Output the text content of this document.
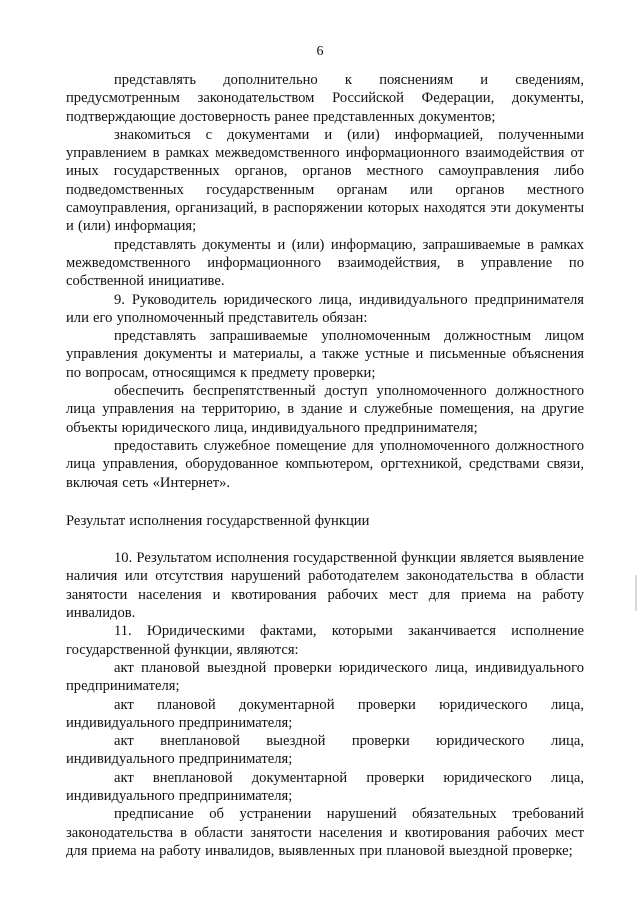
6

представлять дополнительно к пояснениям и сведениям, предусмотренным законодательством Российской Федерации, документы, подтверждающие достоверность ранее представленных документов;

знакомиться с документами и (или) информацией, полученными управлением в рамках межведомственного информационного взаимодействия от иных государственных органов, органов местного самоуправления либо подведомственных государственным органам или органов местного самоуправления, организаций, в распоряжении которых находятся эти документы и (или) информация;

представлять документы и (или) информацию, запрашиваемые в рамках межведомственного информационного взаимодействия, в управление по собственной инициативе.

9. Руководитель юридического лица, индивидуального предпринимателя или его уполномоченный представитель обязан:

представлять запрашиваемые уполномоченным должностным лицом управления документы и материалы, а также устные и письменные объяснения по вопросам, относящимся к предмету проверки;

обеспечить беспрепятственный доступ уполномоченного должностного лица управления на территорию, в здание и служебные помещения, на другие объекты юридического лица, индивидуального предпринимателя;

предоставить служебное помещение для уполномоченного должностного лица управления, оборудованное компьютером, оргтехникой, средствами связи, включая сеть «Интернет».

Результат исполнения государственной функции

10. Результатом исполнения государственной функции является выявление наличия или отсутствия нарушений работодателем законодательства в области занятости населения и квотирования рабочих мест для приема на работу инвалидов.

11. Юридическими фактами, которыми заканчивается исполнение государственной функции, являются:

акт плановой выездной проверки юридического лица, индивидуального предпринимателя;

акт плановой документарной проверки юридического лица, индивидуального предпринимателя;

акт внеплановой выездной проверки юридического лица, индивидуального предпринимателя;

акт внеплановой документарной проверки юридического лица, индивидуального предпринимателя;

предписание об устранении нарушений обязательных требований законодательства в области занятости населения и квотирования рабочих мест для приема на работу инвалидов, выявленных при плановой выездной проверке;
